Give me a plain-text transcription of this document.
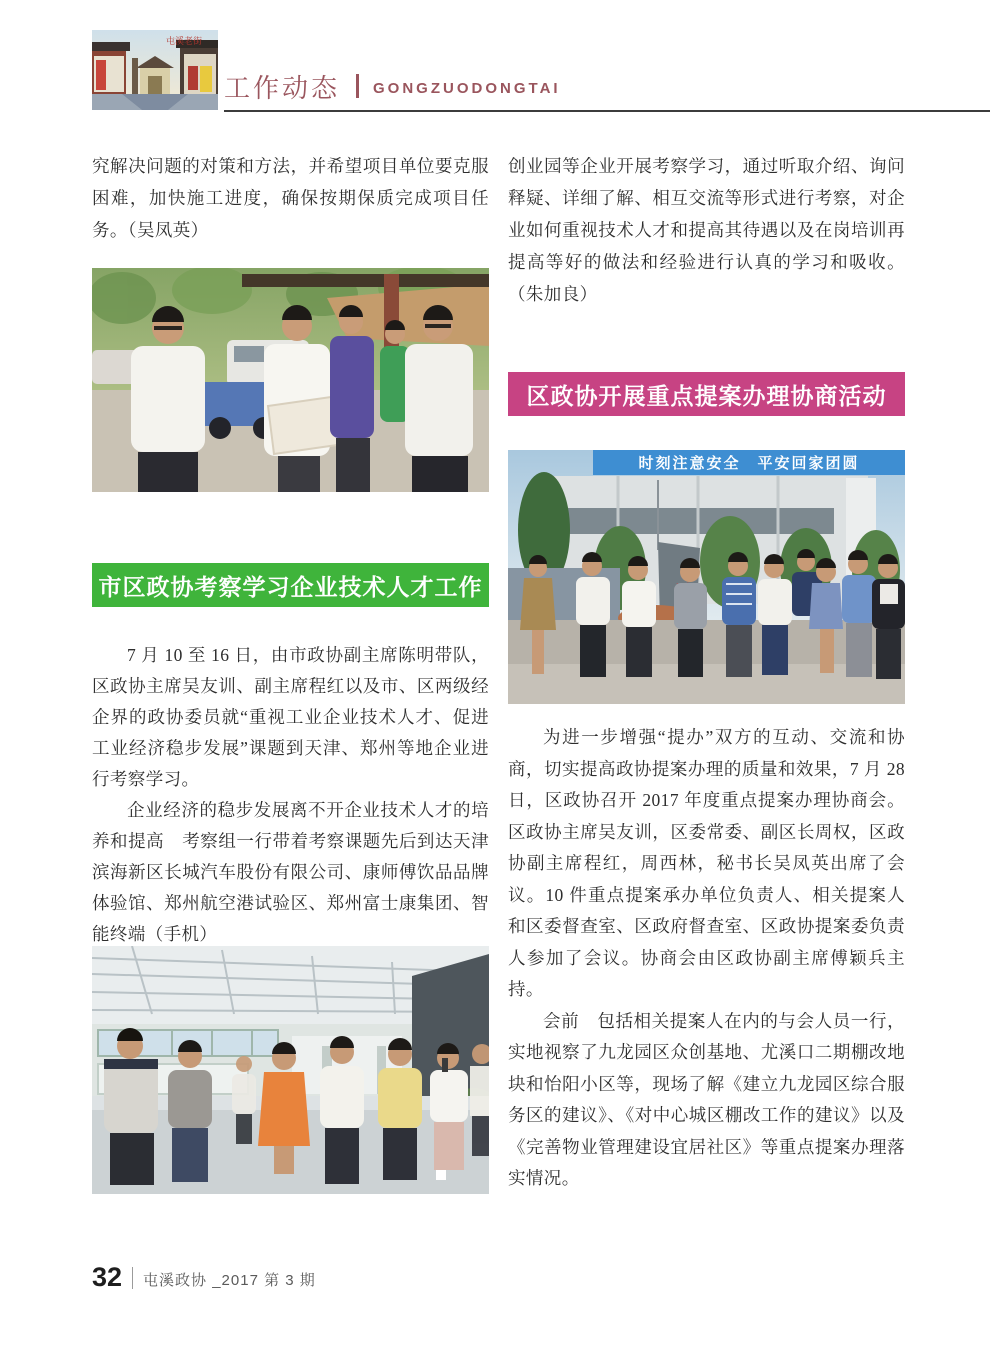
屯溪老街
工作动态 GONGZUODONGTAI

究解决问题的对策和方法，并希望项目单位要克服困难，加快施工进度，确保按期保质完成项目任务。（吴凤英）

市区政协考察学习企业技术人才工作

7 月 10 至 16 日，由市政协副主席陈明带队，区政协主席吴友训、副主席程红以及市、区两级经企界的政协委员就“重视工业企业技术人才、促进工业经济稳步发展”课题到天津、郑州等地企业进行考察学习。

企业经济的稳步发展离不开企业技术人才的培养和提高　考察组一行带着考察课题先后到达天津滨海新区长城汽车股份有限公司、康师傅饮品品牌体验馆、郑州航空港试验区、郑州富士康集团、智能终端（手机）

创业园等企业开展考察学习，通过听取介绍、询问释疑、详细了解、相互交流等形式进行考察，对企业如何重视技术人才和提高其待遇以及在岗培训再提高等好的做法和经验进行认真的学习和吸收。（朱加良）

区政协开展重点提案办理协商活动
时刻注意安全　平安回家团圆

为进一步增强“提办”双方的互动、交流和协商，切实提高政协提案办理的质量和效果，7 月 28 日，区政协召开 2017 年度重点提案办理协商会。区政协主席吴友训，区委常委、副区长周权，区政协副主席程红，周西林，秘书长吴凤英出席了会议。10 件重点提案承办单位负责人、相关提案人和区委督查室、区政府督查室、区政协提案委负责人参加了会议。协商会由区政协副主席傅颖兵主持。

会前　包括相关提案人在内的与会人员一行，实地视察了九龙园区众创基地、尤溪口二期棚改地块和怡阳小区等，现场了解《建立九龙园区综合服务区的建议》、《对中心城区棚改工作的建议》以及《完善物业管理建设宜居社区》等重点提案办理落实情况。

32 屯溪政协 _2017 第 3 期
